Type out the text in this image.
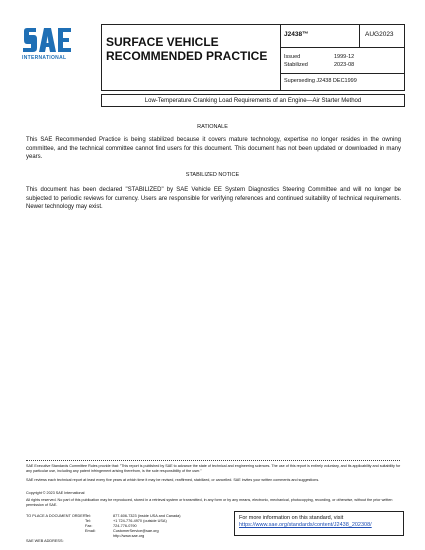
INTERNATIONAL
SURFACE VEHICLE
RECOMMENDED PRACTICE
J2438™	AUG2023
Issued	1999-12
Stabilized	2023-08
Superseding J2438 DEC1999
Low-Temperature Cranking Load Requirements of an Engine—Air Starter Method
RATIONALE
This SAE Recommended Practice is being stabilized because it covers mature technology, expertise no longer resides in the owning committee, and the technical committee cannot find users for this document. This document has not been updated or downloaded in many years.
STABILIZED NOTICE
This document has been declared "STABILIZED" by SAE Vehicle EE System Diagnostics Steering Committee and will no longer be subjected to periodic reviews for currency. Users are responsible for verifying references and continued suitability of technical requirements. Newer technology may exist.
SAE Executive Standards Committee Rules provide that: "This report is published by SAE to advance the state of technical and engineering sciences. The use of this report is entirely voluntary, and its applicability and suitability for any particular use, including any patent infringement arising therefrom, is the sole responsibility of the user."
SAE reviews each technical report at least every five years at which time it may be revised, reaffirmed, stabilized, or cancelled. SAE invites your written comments and suggestions.
Copyright © 2023 SAE International
All rights reserved. No part of this publication may be reproduced, stored in a retrieval system or transmitted, in any form or by any means, electronic, mechanical, photocopying, recording, or otherwise, without the prior written permission of SAE.
TO PLACE A DOCUMENT ORDER:
Tel:	877-606-7323 (inside USA and Canada)
Tel:	+1 724-776-4970 (outside USA)
Fax:	724-776-0790
Email:	CustomerService@sae.org
http://www.sae.org
SAE WEB ADDRESS:
For more information on this standard, visit
https://www.sae.org/standards/content/J2438_202308/
